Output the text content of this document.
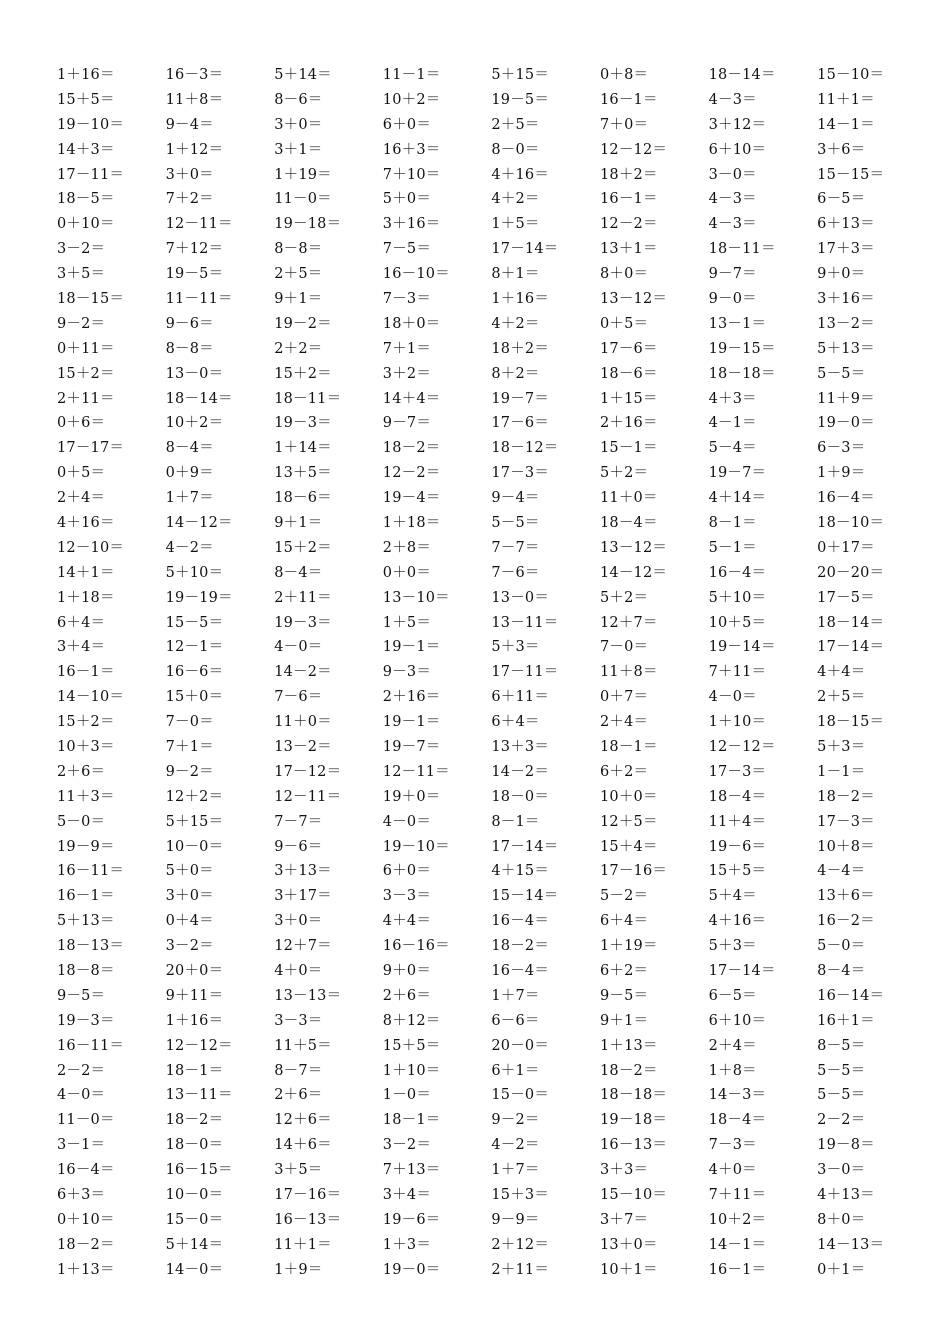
1＋16＝	16－3＝	5＋14＝	11－1＝	5＋15＝	0＋8＝	18－14＝	15－10＝
15＋5＝	11＋8＝	8－6＝	10＋2＝	19－5＝	16－1＝	4－3＝	11＋1＝
19－10＝	9－4＝	3＋0＝	6＋0＝	2＋5＝	7＋0＝	3＋12＝	14－1＝
14＋3＝	1＋12＝	3＋1＝	16＋3＝	8－0＝	12－12＝	6＋10＝	3＋6＝
17－11＝	3＋0＝	1＋19＝	7＋10＝	4＋16＝	18＋2＝	3－0＝	15－15＝
18－5＝	7＋2＝	11－0＝	5＋0＝	4＋2＝	16－1＝	4－3＝	6－5＝
0＋10＝	12－11＝	19－18＝	3＋16＝	1＋5＝	12－2＝	4－3＝	6＋13＝
3－2＝	7＋12＝	8－8＝	7－5＝	17－14＝	13＋1＝	18－11＝	17＋3＝
3＋5＝	19－5＝	2＋5＝	16－10＝	8＋1＝	8＋0＝	9－7＝	9＋0＝
18－15＝	11－11＝	9＋1＝	7－3＝	1＋16＝	13－12＝	9－0＝	3＋16＝
9－2＝	9－6＝	19－2＝	18＋0＝	4＋2＝	0＋5＝	13－1＝	13－2＝
0＋11＝	8－8＝	2＋2＝	7＋1＝	18＋2＝	17－6＝	19－15＝	5＋13＝
15＋2＝	13－0＝	15＋2＝	3＋2＝	8＋2＝	18－6＝	18－18＝	5－5＝
2＋11＝	18－14＝	18－11＝	14＋4＝	19－7＝	1＋15＝	4＋3＝	11＋9＝
0＋6＝	10＋2＝	19－3＝	9－7＝	17－6＝	2＋16＝	4－1＝	19－0＝
17－17＝	8－4＝	1＋14＝	18－2＝	18－12＝	15－1＝	5－4＝	6－3＝
0＋5＝	0＋9＝	13＋5＝	12－2＝	17－3＝	5＋2＝	19－7＝	1＋9＝
2＋4＝	1＋7＝	18－6＝	19－4＝	9－4＝	11＋0＝	4＋14＝	16－4＝
4＋16＝	14－12＝	9＋1＝	1＋18＝	5－5＝	18－4＝	8－1＝	18－10＝
12－10＝	4－2＝	15＋2＝	2＋8＝	7－7＝	13－12＝	5－1＝	0＋17＝
14＋1＝	5＋10＝	8－4＝	0＋0＝	7－6＝	14－12＝	16－4＝	20－20＝
1＋18＝	19－19＝	2＋11＝	13－10＝	13－0＝	5＋2＝	5＋10＝	17－5＝
6＋4＝	15－5＝	19－3＝	1＋5＝	13－11＝	12＋7＝	10＋5＝	18－14＝
3＋4＝	12－1＝	4－0＝	19－1＝	5＋3＝	7－0＝	19－14＝	17－14＝
16－1＝	16－6＝	14－2＝	9－3＝	17－11＝	11＋8＝	7＋11＝	4＋4＝
14－10＝	15＋0＝	7－6＝	2＋16＝	6＋11＝	0＋7＝	4－0＝	2＋5＝
15＋2＝	7－0＝	11＋0＝	19－1＝	6＋4＝	2＋4＝	1＋10＝	18－15＝
10＋3＝	7＋1＝	13－2＝	19－7＝	13＋3＝	18－1＝	12－12＝	5＋3＝
2＋6＝	9－2＝	17－12＝	12－11＝	14－2＝	6＋2＝	17－3＝	1－1＝
11＋3＝	12＋2＝	12－11＝	19＋0＝	18－0＝	10＋0＝	18－4＝	18－2＝
5－0＝	5＋15＝	7－7＝	4－0＝	8－1＝	12＋5＝	11＋4＝	17－3＝
19－9＝	10－0＝	9－6＝	19－10＝	17－14＝	15＋4＝	19－6＝	10＋8＝
16－11＝	5＋0＝	3＋13＝	6＋0＝	4＋15＝	17－16＝	15＋5＝	4－4＝
16－1＝	3＋0＝	3＋17＝	3－3＝	15－14＝	5－2＝	5＋4＝	13＋6＝
5＋13＝	0＋4＝	3＋0＝	4＋4＝	16－4＝	6＋4＝	4＋16＝	16－2＝
18－13＝	3－2＝	12＋7＝	16－16＝	18－2＝	1＋19＝	5＋3＝	5－0＝
18－8＝	20＋0＝	4＋0＝	9＋0＝	16－4＝	6＋2＝	17－14＝	8－4＝
9－5＝	9＋11＝	13－13＝	2＋6＝	1＋7＝	9－5＝	6－5＝	16－14＝
19－3＝	1＋16＝	3－3＝	8＋12＝	6－6＝	9＋1＝	6＋10＝	16＋1＝
16－11＝	12－12＝	11＋5＝	15＋5＝	20－0＝	1＋13＝	2＋4＝	8－5＝
2－2＝	18－1＝	8－7＝	1＋10＝	6＋1＝	18－2＝	1＋8＝	5－5＝
4－0＝	13－11＝	2＋6＝	1－0＝	15－0＝	18－18＝	14－3＝	5－5＝
11－0＝	18－2＝	12＋6＝	18－1＝	9－2＝	19－18＝	18－4＝	2－2＝
3－1＝	18－0＝	14＋6＝	3－2＝	4－2＝	16－13＝	7－3＝	19－8＝
16－4＝	16－15＝	3＋5＝	7＋13＝	1＋7＝	3＋3＝	4＋0＝	3－0＝
6＋3＝	10－0＝	17－16＝	3＋4＝	15＋3＝	15－10＝	7＋11＝	4＋13＝
0＋10＝	15－0＝	16－13＝	19－6＝	9－9＝	3＋7＝	10＋2＝	8＋0＝
18－2＝	5＋14＝	11＋1＝	1＋3＝	2＋12＝	13＋0＝	14－1＝	14－13＝
1＋13＝	14－0＝	1＋9＝	19－0＝	2＋11＝	10＋1＝	16－1＝	0＋1＝
